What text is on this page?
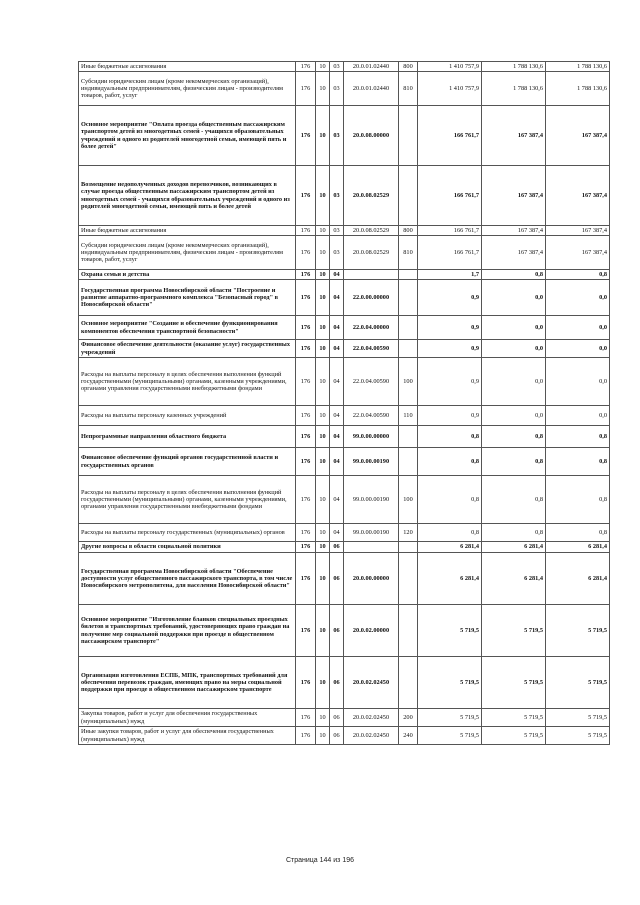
Иные бюджетные ассигнования	176	10	03	20.0.01.02440	800	1 410 757,9	1 788 130,6	1 788 130,6
Субсидии юридическим лицам (кроме некоммерческих организаций), индивидуальным предпринимателям, физическим лицам - производителям товаров, работ, услуг	176	10	03	20.0.01.02440	810	1 410 757,9	1 788 130,6	1 788 130,6
Основное мероприятие "Оплата проезда общественным пассажирским транспортом детей из многодетных семей - учащихся образовательных учреждений и одного из родителей многодетной семьи, имеющей пять и более детей"	176	10	03	20.0.08.00000		166 761,7	167 387,4	167 387,4
Возмещение недополученных доходов перевозчиков, возникающих в случае проезда общественным пассажирским транспортом детей из многодетных семей - учащихся образовательных учреждений и одного из родителей многодетной семьи, имеющей пять и более детей	176	10	03	20.0.08.02529		166 761,7	167 387,4	167 387,4
Иные бюджетные ассигнования	176	10	03	20.0.08.02529	800	166 761,7	167 387,4	167 387,4
Субсидии юридическим лицам (кроме некоммерческих организаций), индивидуальным предпринимателям, физическим лицам - производителям товаров, работ, услуг	176	10	03	20.0.08.02529	810	166 761,7	167 387,4	167 387,4
Охрана семьи и детства	176	10	04			1,7	0,8	0,8
Государственная программа Новосибирской области "Построение и развитие аппаратно-программного комплекса "Безопасный город" в Новосибирской области"	176	10	04	22.0.00.00000		0,9	0,0	0,0
Основное мероприятие "Создание и обеспечение функционирования компонентов обеспечения транспортной безопасности"	176	10	04	22.0.04.00000		0,9	0,0	0,0
Финансовое обеспечение деятельности (оказание услуг) государственных учреждений	176	10	04	22.0.04.00590		0,9	0,0	0,0
Расходы на выплаты персоналу в целях обеспечения выполнения функций государственными (муниципальными) органами, казенными учреждениями, органами управления государственными внебюджетными фондами	176	10	04	22.0.04.00590	100	0,9	0,0	0,0
Расходы на выплаты персоналу казенных учреждений	176	10	04	22.0.04.00590	110	0,9	0,0	0,0
Непрограммные направления областного бюджета	176	10	04	99.0.00.00000		0,8	0,8	0,8
Финансовое обеспечение функций органов государственной власти и государственных органов	176	10	04	99.0.00.00190		0,8	0,8	0,8
Расходы на выплаты персоналу в целях обеспечения выполнения функций государственными (муниципальными) органами, казенными учреждениями, органами управления государственными внебюджетными фондами	176	10	04	99.0.00.00190	100	0,8	0,8	0,8
Расходы на выплаты персоналу государственных (муниципальных) органов	176	10	04	99.0.00.00190	120	0,8	0,8	0,8
Другие вопросы в области социальной политики	176	10	06			6 281,4	6 281,4	6 281,4
Государственная программа Новосибирской области "Обеспечение доступности услуг общественного пассажирского транспорта, в том числе Новосибирского метрополитена, для населения Новосибирской области"	176	10	06	20.0.00.00000		6 281,4	6 281,4	6 281,4
Основное мероприятие "Изготовление бланков специальных проездных билетов и транспортных требований, удостоверяющих право граждан на получение мер социальной поддержки при проезде в общественном пассажирском транспорте"	176	10	06	20.0.02.00000		5 719,5	5 719,5	5 719,5
Организация изготовления ЕСПБ, МПК, транспортных требований для обеспечения перевозок граждан, имеющих право на меры социальной поддержки при проезде в общественном пассажирском транспорте	176	10	06	20.0.02.02450		5 719,5	5 719,5	5 719,5
Закупка товаров, работ и услуг для обеспечения государственных (муниципальных) нужд	176	10	06	20.0.02.02450	200	5 719,5	5 719,5	5 719,5
Иные закупки товаров, работ и услуг для обеспечения государственных (муниципальных) нужд	176	10	06	20.0.02.02450	240	5 719,5	5 719,5	5 719,5
Страница 144 из 196
